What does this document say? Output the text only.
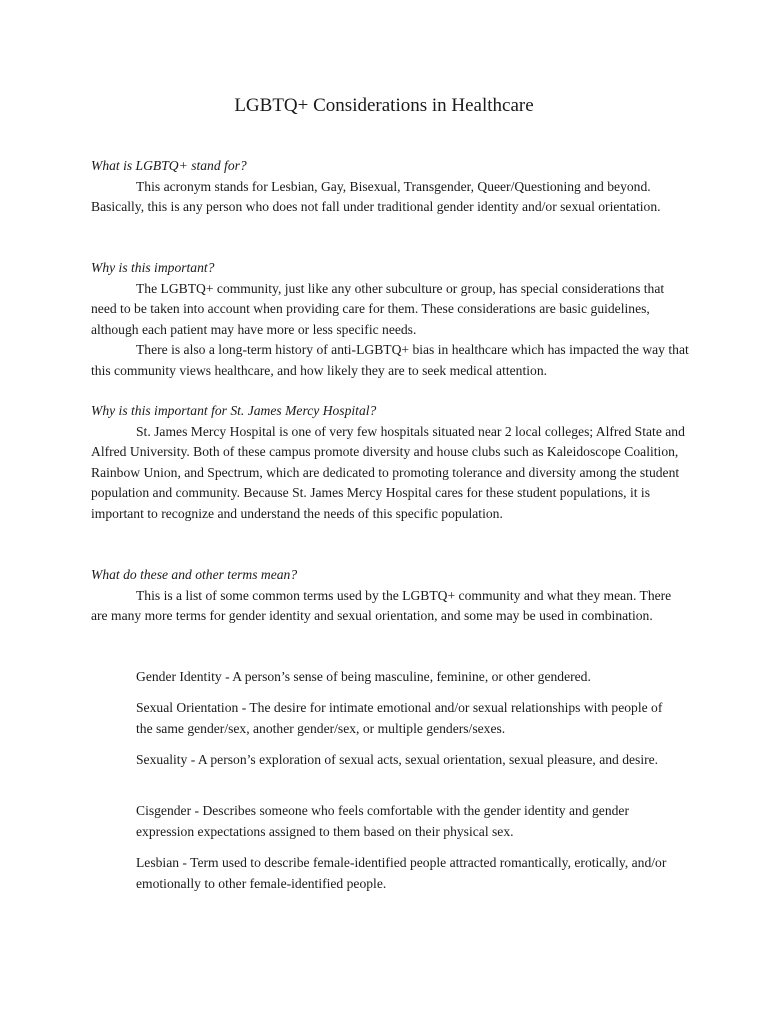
LGBTQ+ Considerations in Healthcare

What is LGBTQ+ stand for?

This acronym stands for Lesbian, Gay, Bisexual, Transgender, Queer/Questioning and beyond. Basically, this is any person who does not fall under traditional gender identity and/or sexual orientation.

Why is this important?

The LGBTQ+ community, just like any other subculture or group, has special considerations that need to be taken into account when providing care for them. These considerations are basic guidelines, although each patient may have more or less specific needs.

There is also a long-term history of anti-LGBTQ+ bias in healthcare which has impacted the way that this community views healthcare, and how likely they are to seek medical attention.

Why is this important for St. James Mercy Hospital?

St. James Mercy Hospital is one of very few hospitals situated near 2 local colleges; Alfred State and Alfred University. Both of these campus promote diversity and house clubs such as Kaleidoscope Coalition, Rainbow Union, and Spectrum, which are dedicated to promoting tolerance and diversity among the student population and community. Because St. James Mercy Hospital cares for these student populations, it is important to recognize and understand the needs of this specific population.

What do these and other terms mean?

This is a list of some common terms used by the LGBTQ+ community and what they mean. There are many more terms for gender identity and sexual orientation, and some may be used in combination.

Gender Identity - A person’s sense of being masculine, feminine, or other gendered.

Sexual Orientation - The desire for intimate emotional and/or sexual relationships with people of the same gender/sex, another gender/sex, or multiple genders/sexes.

Sexuality - A person’s exploration of sexual acts, sexual orientation, sexual pleasure, and desire.

Cisgender - Describes someone who feels comfortable with the gender identity and gender expression expectations assigned to them based on their physical sex.

Lesbian - Term used to describe female-identified people attracted romantically, erotically, and/or emotionally to other female-identified people.
